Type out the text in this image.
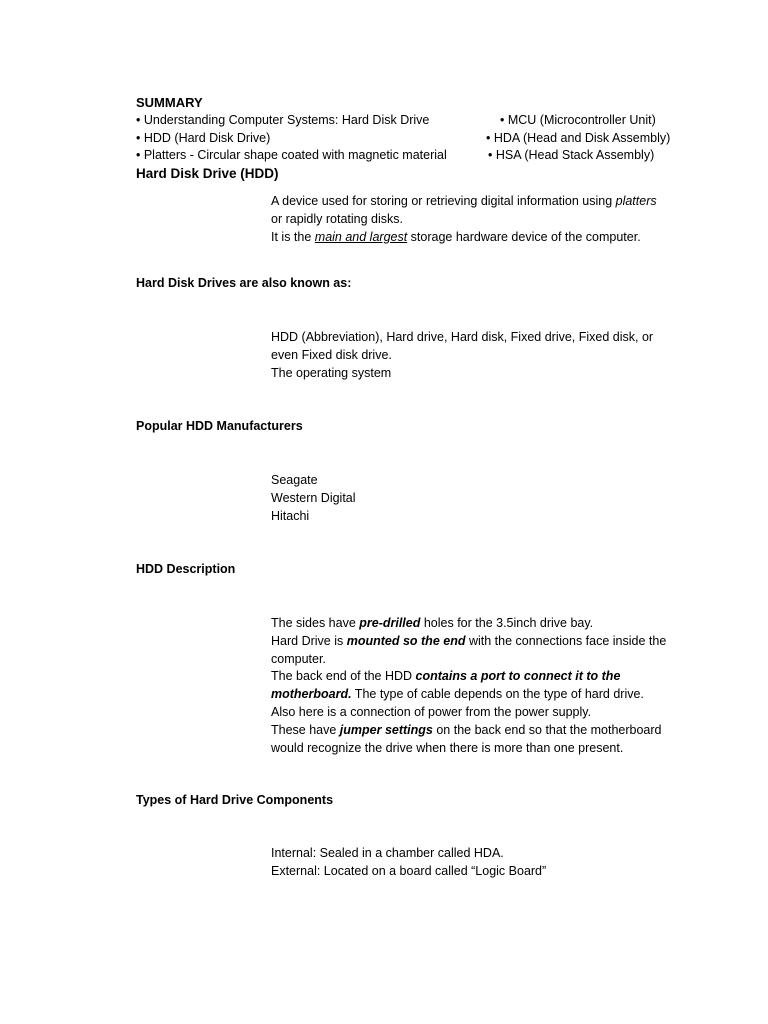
SUMMARY
• Understanding Computer Systems: Hard Disk Drive
• HDD (Hard Disk Drive)
• Platters - Circular shape coated with magnetic material
• MCU (Microcontroller Unit)
• HDA (Head and Disk Assembly)
• HSA (Head Stack Assembly)
Hard Disk Drive (HDD)

A device used for storing or retrieving digital information using platters

or rapidly rotating disks.

It is the main and largest storage hardware device of the computer.

Hard Disk Drives are also known as:

HDD (Abbreviation), Hard drive, Hard disk, Fixed drive, Fixed disk, or even Fixed disk drive.

The operating system

Popular HDD Manufacturers

Seagate

Western Digital

Hitachi

HDD Description

The sides have pre-drilled holes for the 3.5inch drive bay.

Hard Drive is mounted so the end with the connections face inside the computer.

The back end of the HDD contains a port to connect it to the motherboard. The type of cable depends on the type of hard drive.

Also here is a connection of power from the power supply.

These have jumper settings on the back end so that the motherboard would recognize the drive when there is more than one present.

Types of Hard Drive Components

Internal: Sealed in a chamber called HDA.

External: Located on a board called “Logic Board”
